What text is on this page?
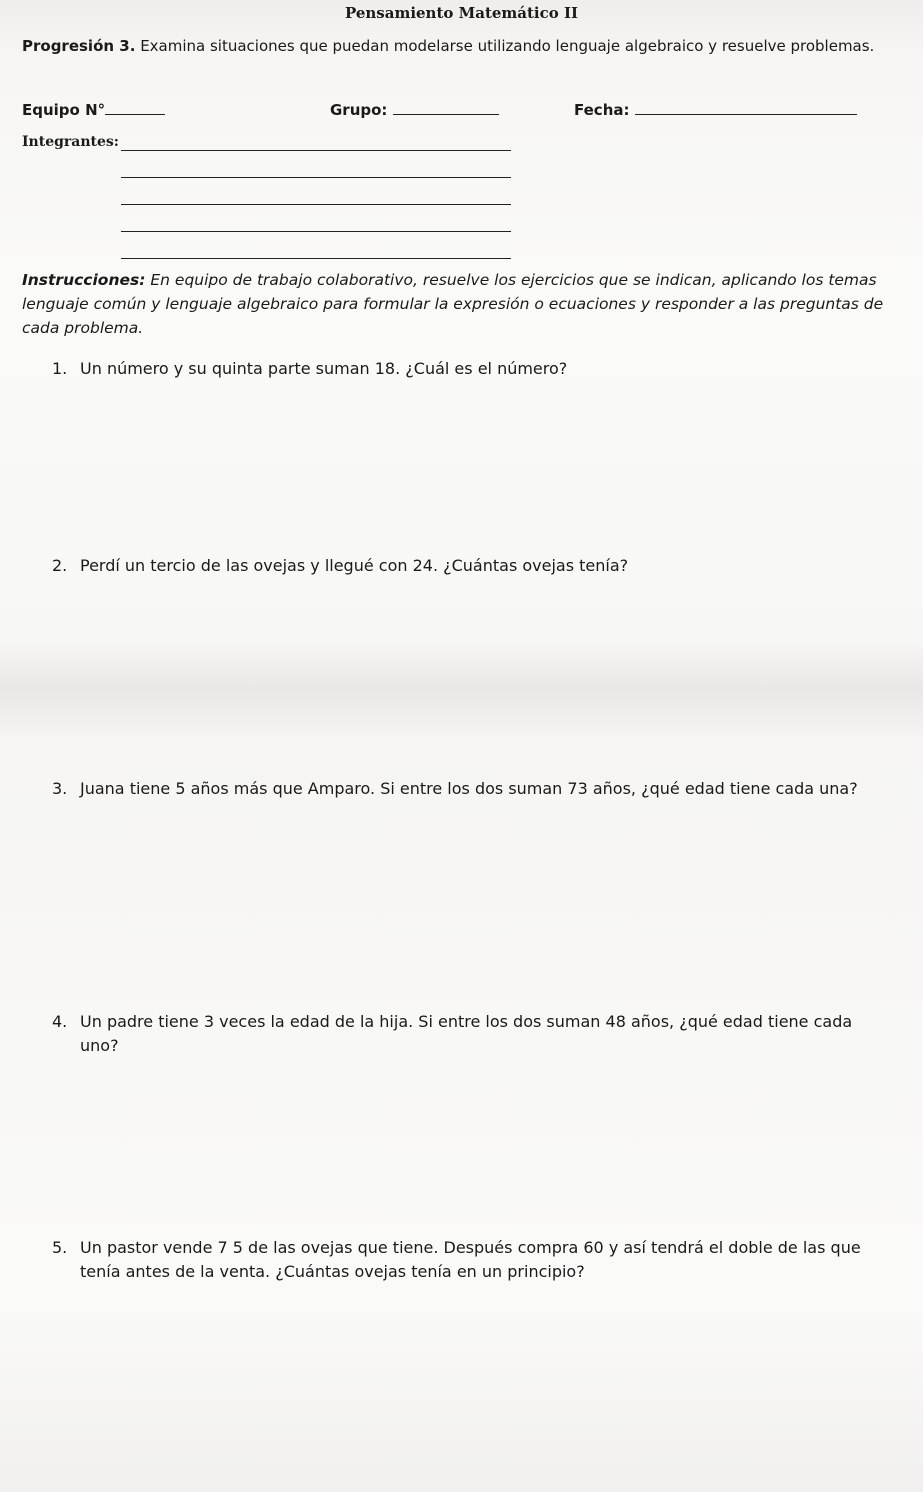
Pensamiento Matemático II
Progresión 3. Examina situaciones que puedan modelarse utilizando lenguaje algebraico y resuelve problemas.
Equipo N°	Grupo:	Fecha:
Integrantes:
Instrucciones: En equipo de trabajo colaborativo, resuelve los ejercicios que se indican, aplicando los temas lenguaje común y lenguaje algebraico para formular la expresión o ecuaciones y responder a las preguntas de cada problema.
1. Un número y su quinta parte suman 18. ¿Cuál es el número?
2. Perdí un tercio de las ovejas y llegué con 24. ¿Cuántas ovejas tenía?
3. Juana tiene 5 años más que Amparo. Si entre los dos suman 73 años, ¿qué edad tiene cada una?
4. Un padre tiene 3 veces la edad de la hija. Si entre los dos suman 48 años, ¿qué edad tiene cada uno?
5. Un pastor vende 7 5 de las ovejas que tiene. Después compra 60 y así tendrá el doble de las que tenía antes de la venta. ¿Cuántas ovejas tenía en un principio?
